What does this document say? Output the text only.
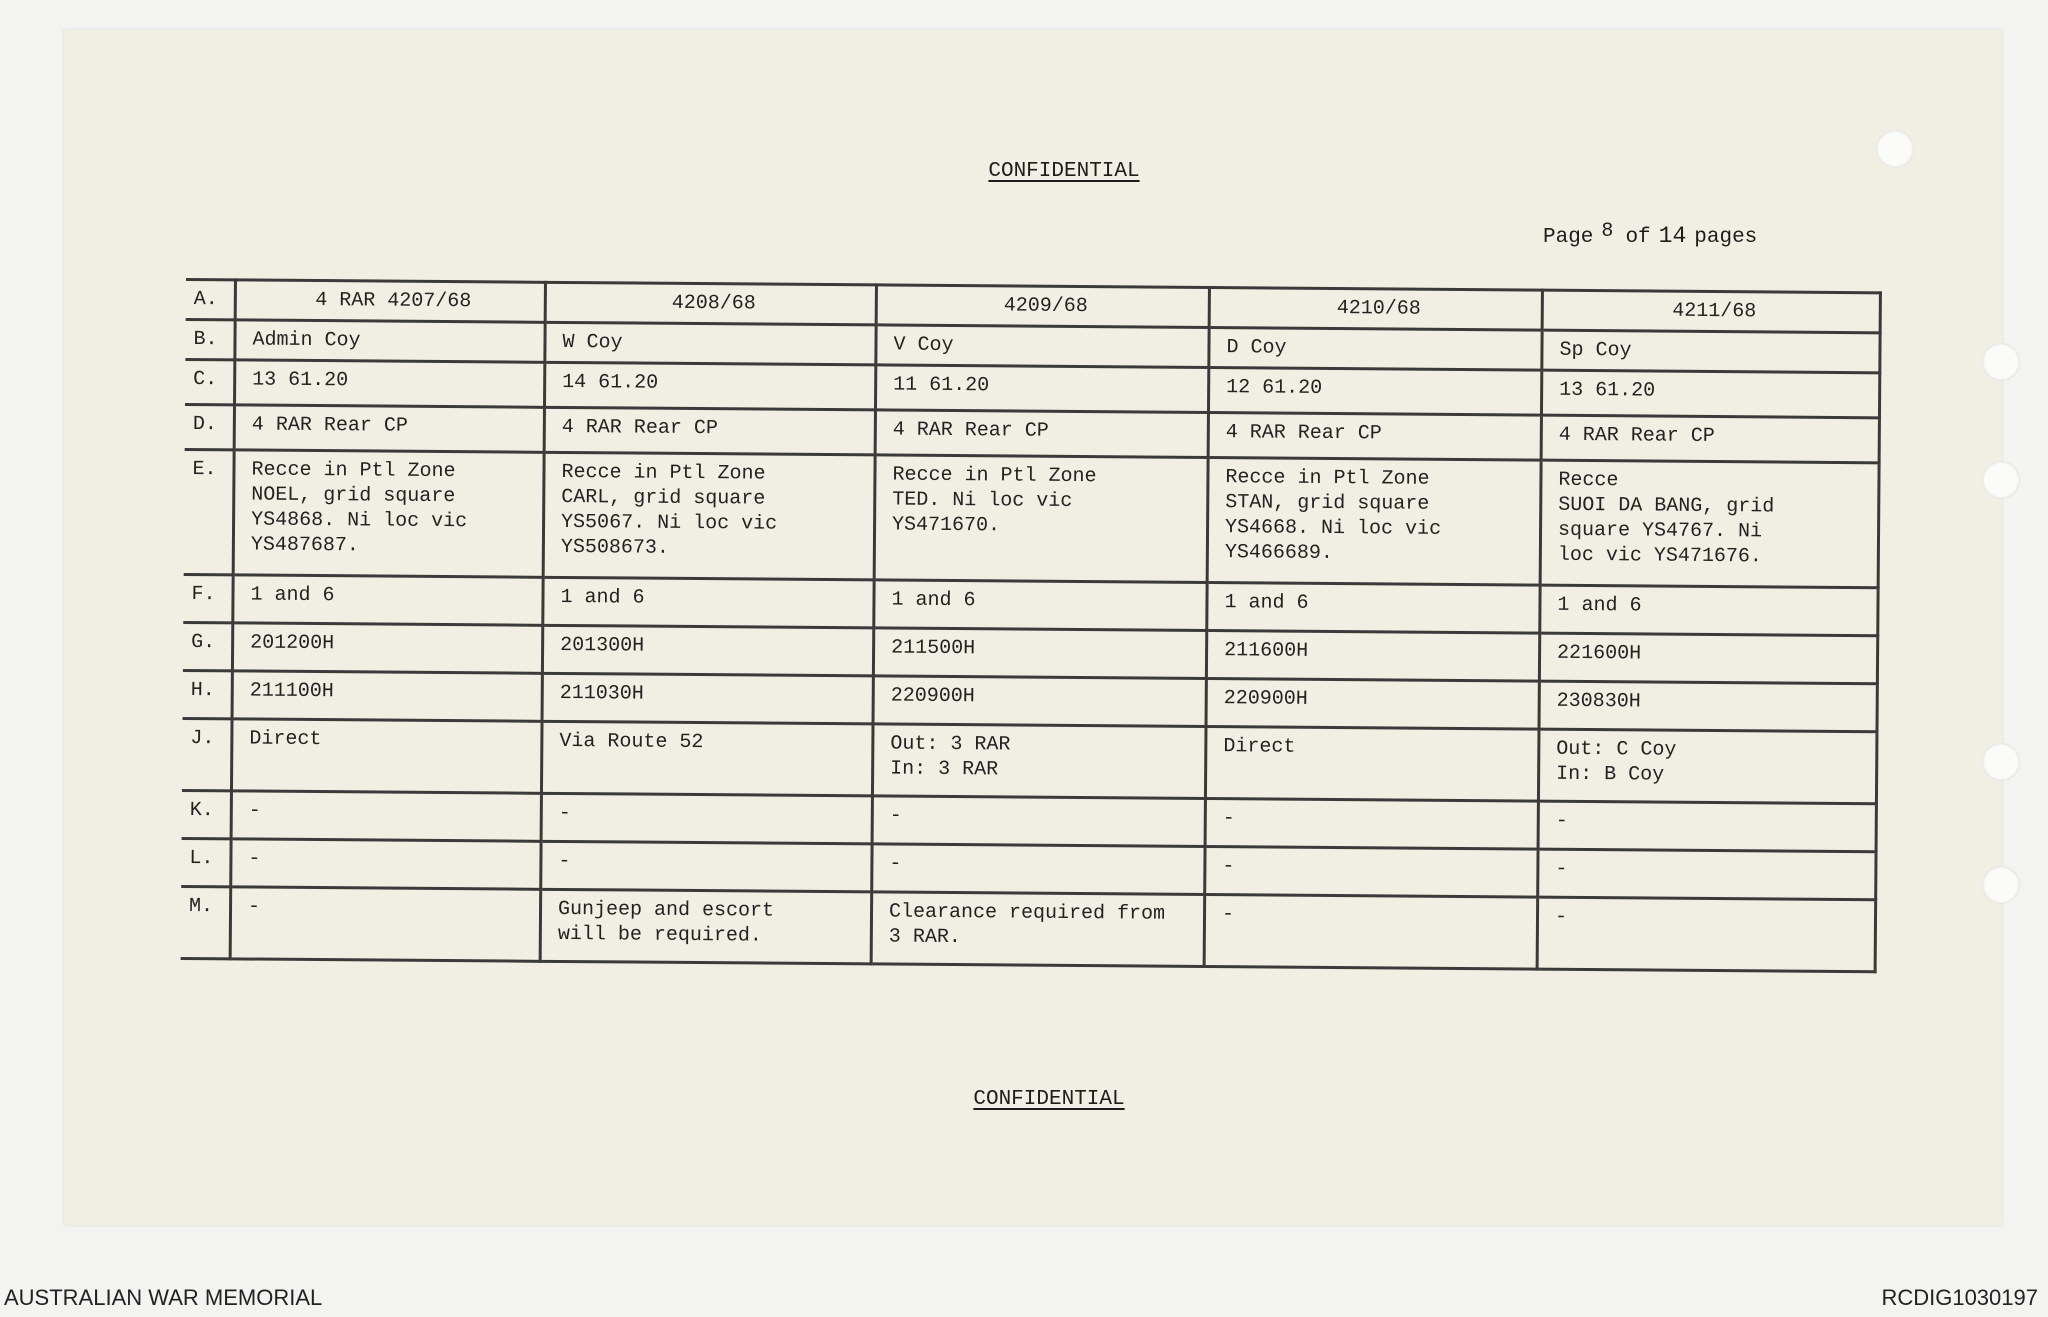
CONFIDENTIAL
Page $^8$ of 14 pages
A.	4 RAR 4207/68	4208/68	4209/68	4210/68	4211/68
B.	Admin Coy	W Coy	V Coy	D Coy	Sp Coy
C.	13 61.20	14 61.20	11 61.20	12 61.20	13 61.20
D.	4 RAR Rear CP	4 RAR Rear CP	4 RAR Rear CP	4 RAR Rear CP	4 RAR Rear CP
E.	Recce in Ptl Zone
NOEL, grid square
YS4868. Ni loc vic
YS487687.	Recce in Ptl Zone
CARL, grid square
YS5067. Ni loc vic
YS508673.	Recce in Ptl Zone
TED. Ni loc vic
YS471670.	Recce in Ptl Zone
STAN, grid square
YS4668. Ni loc vic
YS466689.	Recce
SUOI DA BANG, grid
square YS4767. Ni
loc vic YS471676.
F.	1 and 6	1 and 6	1 and 6	1 and 6	1 and 6
G.	201200H	201300H	211500H	211600H	221600H
H.	211100H	211030H	220900H	220900H	230830H
J.	Direct	Via Route 52	Out: 3 RAR
In: 3 RAR	Direct	Out: C Coy
In: B Coy
K.	-	-	-	-	-
L.	-	-	-	-	-
M.	-	Gunjeep and escort
will be required.	Clearance required from
3 RAR.	-	-
CONFIDENTIAL
AUSTRALIAN WAR MEMORIAL	RCDIG1030197
